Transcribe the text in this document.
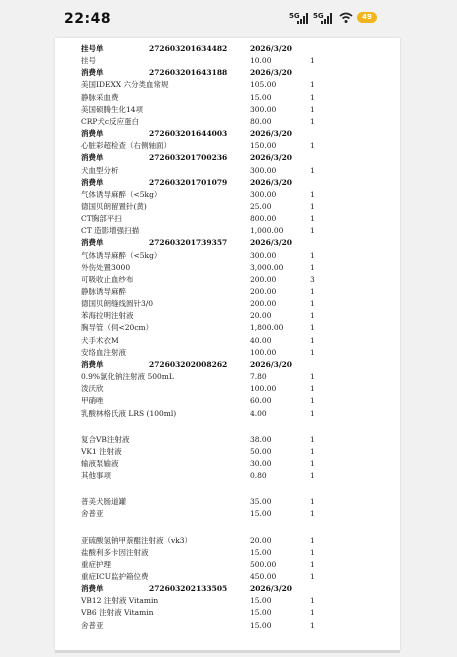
22:48	5G 5G	49
挂号单	272603201634482	2026/3/20
挂号	10.00	1
消费单	272603201643188	2026/3/20
美国IDEXX 六分类血常规	105.00	1
静脉采血费	15.00	1
美国硕腾生化14项	300.00	1
CRP犬c反应蛋白	80.00	1
消费单	272603201644003	2026/3/20
心脏彩超检查（右侧轴面）	150.00	1
消费单	272603201700236	2026/3/20
犬血型分析	300.00	1
消费单	272603201701079	2026/3/20
气体诱导麻醉（<5kg）	300.00	1
德国贝朗留置针(黄)	25.00	1
CT胸部平扫	800.00	1
CT 造影增强扫描	1,000.00	1
消费单	272603201739357	2026/3/20
气体诱导麻醉（<5kg）	300.00	1
外伤处置3000	3,000.00	1
可吸收止血纱布	200.00	3
静脉诱导麻醉	200.00	1
德国贝朗缝线圆针3/0	200.00	1
苯海拉明注射液	20.00	1
胸导管（伺<20cm）	1,800.00	1
犬手术衣M	40.00	1
安络血注射液	100.00	1
消费单	272603202008262	2026/3/20
0.9%氯化钠注射液 500mL	7.80	1
泼沃欣	100.00	1
甲硝唑	60.00	1
乳酸林格氏液 LRS (100ml)	4.00	1
复合VB注射液	38.00	1
VK1 注射液	50.00	1
输液泵输液	30.00	1
其他事项	0.80	1
普美犬肠道罐	35.00	1
舍普亚	15.00	1
亚硫酸氢钠甲萘醌注射液（vk3）	20.00	1
盐酸利多卡因注射液	15.00	1
重症护理	500.00	1
重症ICU监护箱位费	450.00	1
消费单	272603202133505	2026/3/20
VB12 注射液 Vitamin	15.00	1
VB6 注射液 Vitamin	15.00	1
舍普亚	15.00	1
